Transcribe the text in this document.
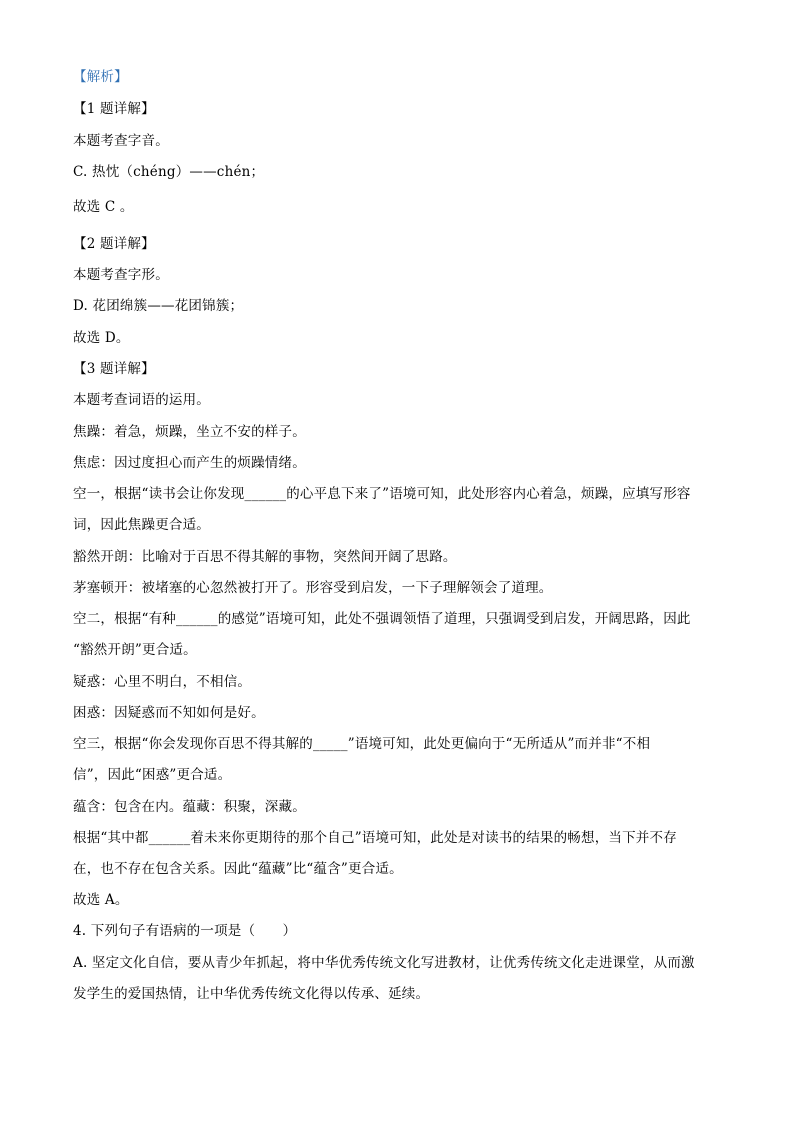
【解析】
【1 题详解】
本题考查字音。
C. 热忱（chéng）——chén；
故选 C 。
【2 题详解】
本题考查字形。
D. 花团绵簇——花团锦簇；
故选 D。
【3 题详解】
本题考查词语的运用。
焦躁：着急，烦躁，坐立不安的样子。
焦虑：因过度担心而产生的烦躁情绪。
空一，根据“读书会让你发现______的心平息下来了”语境可知，此处形容内心着急，烦躁，应填写形容
词，因此焦躁更合适。
豁然开朗：比喻对于百思不得其解的事物，突然间开阔了思路。
茅塞顿开：被堵塞的心忽然被打开了。形容受到启发，一下子理解领会了道理。
空二，根据“有种______的感觉”语境可知，此处不强调领悟了道理，只强调受到启发，开阔思路，因此
“豁然开朗”更合适。
疑惑：心里不明白，不相信。
困惑：因疑惑而不知如何是好。
空三，根据“你会发现你百思不得其解的_____”语境可知，此处更偏向于“无所适从”而并非“不相
信”，因此“困惑”更合适。
蕴含：包含在内。蕴藏：积聚，深藏。
根据“其中都______着未来你更期待的那个自己”语境可知，此处是对读书的结果的畅想，当下并不存
在，也不存在包含关系。因此“蕴藏”比“蕴含”更合适。
故选 A。
4. 下列句子有语病的一项是（　　）
A. 坚定文化自信，要从青少年抓起，将中华优秀传统文化写进教材，让优秀传统文化走进课堂，从而激
发学生的爱国热情，让中华优秀传统文化得以传承、延续。
